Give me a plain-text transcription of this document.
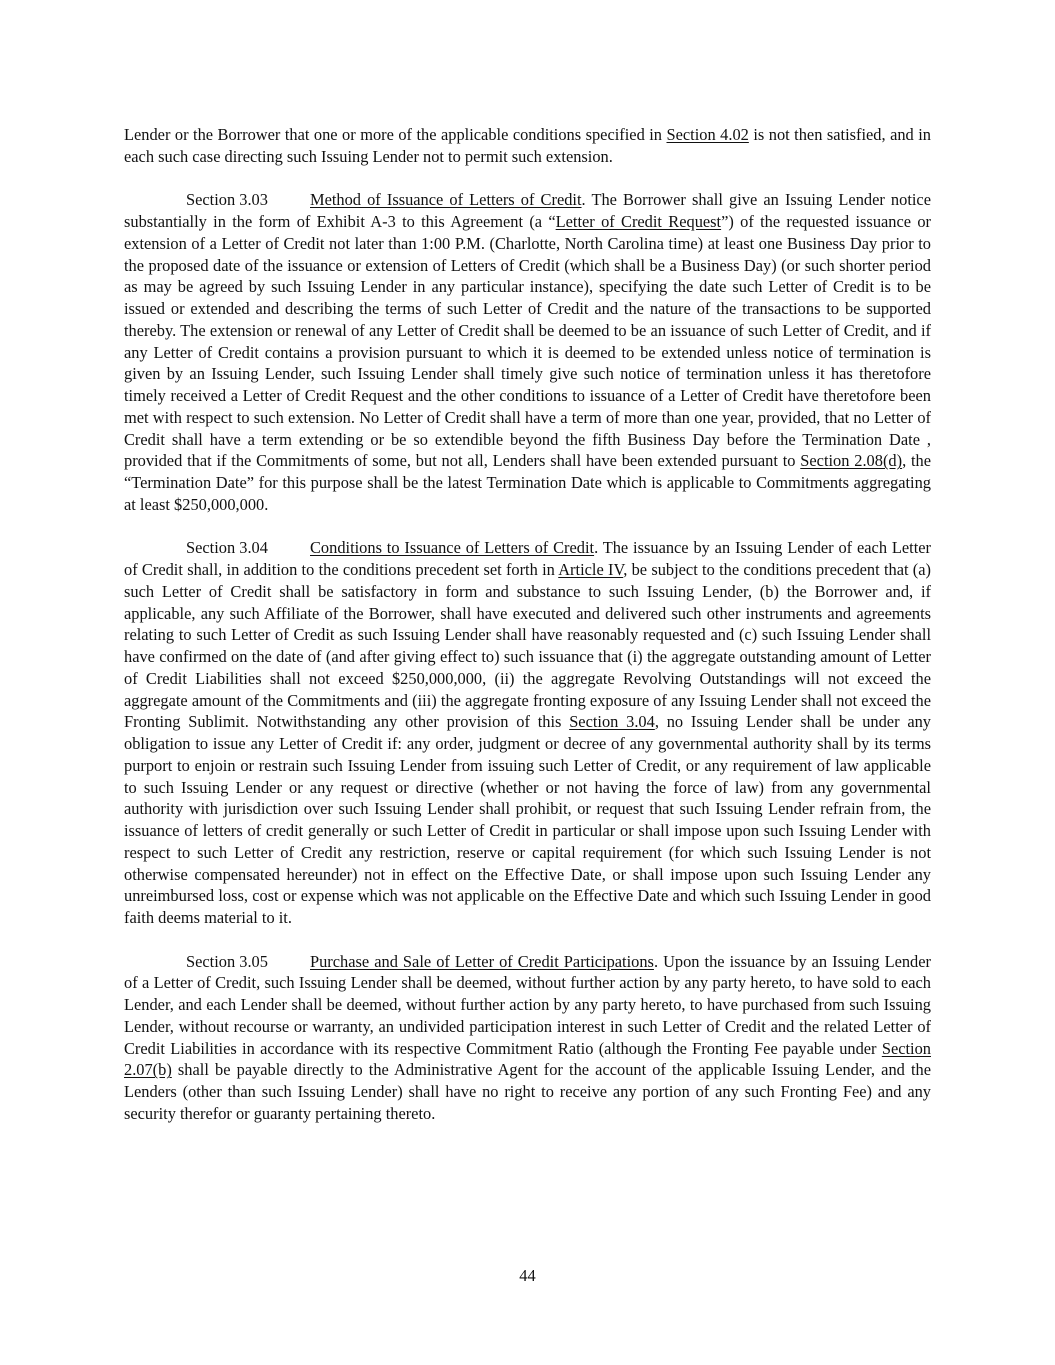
Lender or the Borrower that one or more of the applicable conditions specified in Section 4.02 is not then satisfied, and in each such case directing such Issuing Lender not to permit such extension.

Section 3.03	Method of Issuance of Letters of Credit. The Borrower shall give an Issuing Lender notice substantially in the form of Exhibit A-3 to this Agreement (a “Letter of Credit Request”) of the requested issuance or extension of a Letter of Credit not later than 1:00 P.M. (Charlotte, North Carolina time) at least one Business Day prior to the proposed date of the issuance or extension of Letters of Credit (which shall be a Business Day) (or such shorter period as may be agreed by such Issuing Lender in any particular instance), specifying the date such Letter of Credit is to be issued or extended and describing the terms of such Letter of Credit and the nature of the transactions to be supported thereby. The extension or renewal of any Letter of Credit shall be deemed to be an issuance of such Letter of Credit, and if any Letter of Credit contains a provision pursuant to which it is deemed to be extended unless notice of termination is given by an Issuing Lender, such Issuing Lender shall timely give such notice of termination unless it has theretofore timely received a Letter of Credit Request and the other conditions to issuance of a Letter of Credit have theretofore been met with respect to such extension. No Letter of Credit shall have a term of more than one year, provided, that no Letter of Credit shall have a term extending or be so extendible beyond the fifth Business Day before the Termination Date , provided that if the Commitments of some, but not all, Lenders shall have been extended pursuant to Section 2.08(d), the “Termination Date” for this purpose shall be the latest Termination Date which is applicable to Commitments aggregating at least $250,000,000.

Section 3.04	Conditions to Issuance of Letters of Credit. The issuance by an Issuing Lender of each Letter of Credit shall, in addition to the conditions precedent set forth in Article IV, be subject to the conditions precedent that (a) such Letter of Credit shall be satisfactory in form and substance to such Issuing Lender, (b) the Borrower and, if applicable, any such Affiliate of the Borrower, shall have executed and delivered such other instruments and agreements relating to such Letter of Credit as such Issuing Lender shall have reasonably requested and (c) such Issuing Lender shall have confirmed on the date of (and after giving effect to) such issuance that (i) the aggregate outstanding amount of Letter of Credit Liabilities shall not exceed $250,000,000, (ii) the aggregate Revolving Outstandings will not exceed the aggregate amount of the Commitments and (iii) the aggregate fronting exposure of any Issuing Lender shall not exceed the Fronting Sublimit. Notwithstanding any other provision of this Section 3.04, no Issuing Lender shall be under any obligation to issue any Letter of Credit if: any order, judgment or decree of any governmental authority shall by its terms purport to enjoin or restrain such Issuing Lender from issuing such Letter of Credit, or any requirement of law applicable to such Issuing Lender or any request or directive (whether or not having the force of law) from any governmental authority with jurisdiction over such Issuing Lender shall prohibit, or request that such Issuing Lender refrain from, the issuance of letters of credit generally or such Letter of Credit in particular or shall impose upon such Issuing Lender with respect to such Letter of Credit any restriction, reserve or capital requirement (for which such Issuing Lender is not otherwise compensated hereunder) not in effect on the Effective Date, or shall impose upon such Issuing Lender any unreimbursed loss, cost or expense which was not applicable on the Effective Date and which such Issuing Lender in good faith deems material to it.

Section 3.05	Purchase and Sale of Letter of Credit Participations. Upon the issuance by an Issuing Lender of a Letter of Credit, such Issuing Lender shall be deemed, without further action by any party hereto, to have sold to each Lender, and each Lender shall be deemed, without further action by any party hereto, to have purchased from such Issuing Lender, without recourse or warranty, an undivided participation interest in such Letter of Credit and the related Letter of Credit Liabilities in accordance with its respective Commitment Ratio (although the Fronting Fee payable under Section 2.07(b) shall be payable directly to the Administrative Agent for the account of the applicable Issuing Lender, and the Lenders (other than such Issuing Lender) shall have no right to receive any portion of any such Fronting Fee) and any security therefor or guaranty pertaining thereto.

44
